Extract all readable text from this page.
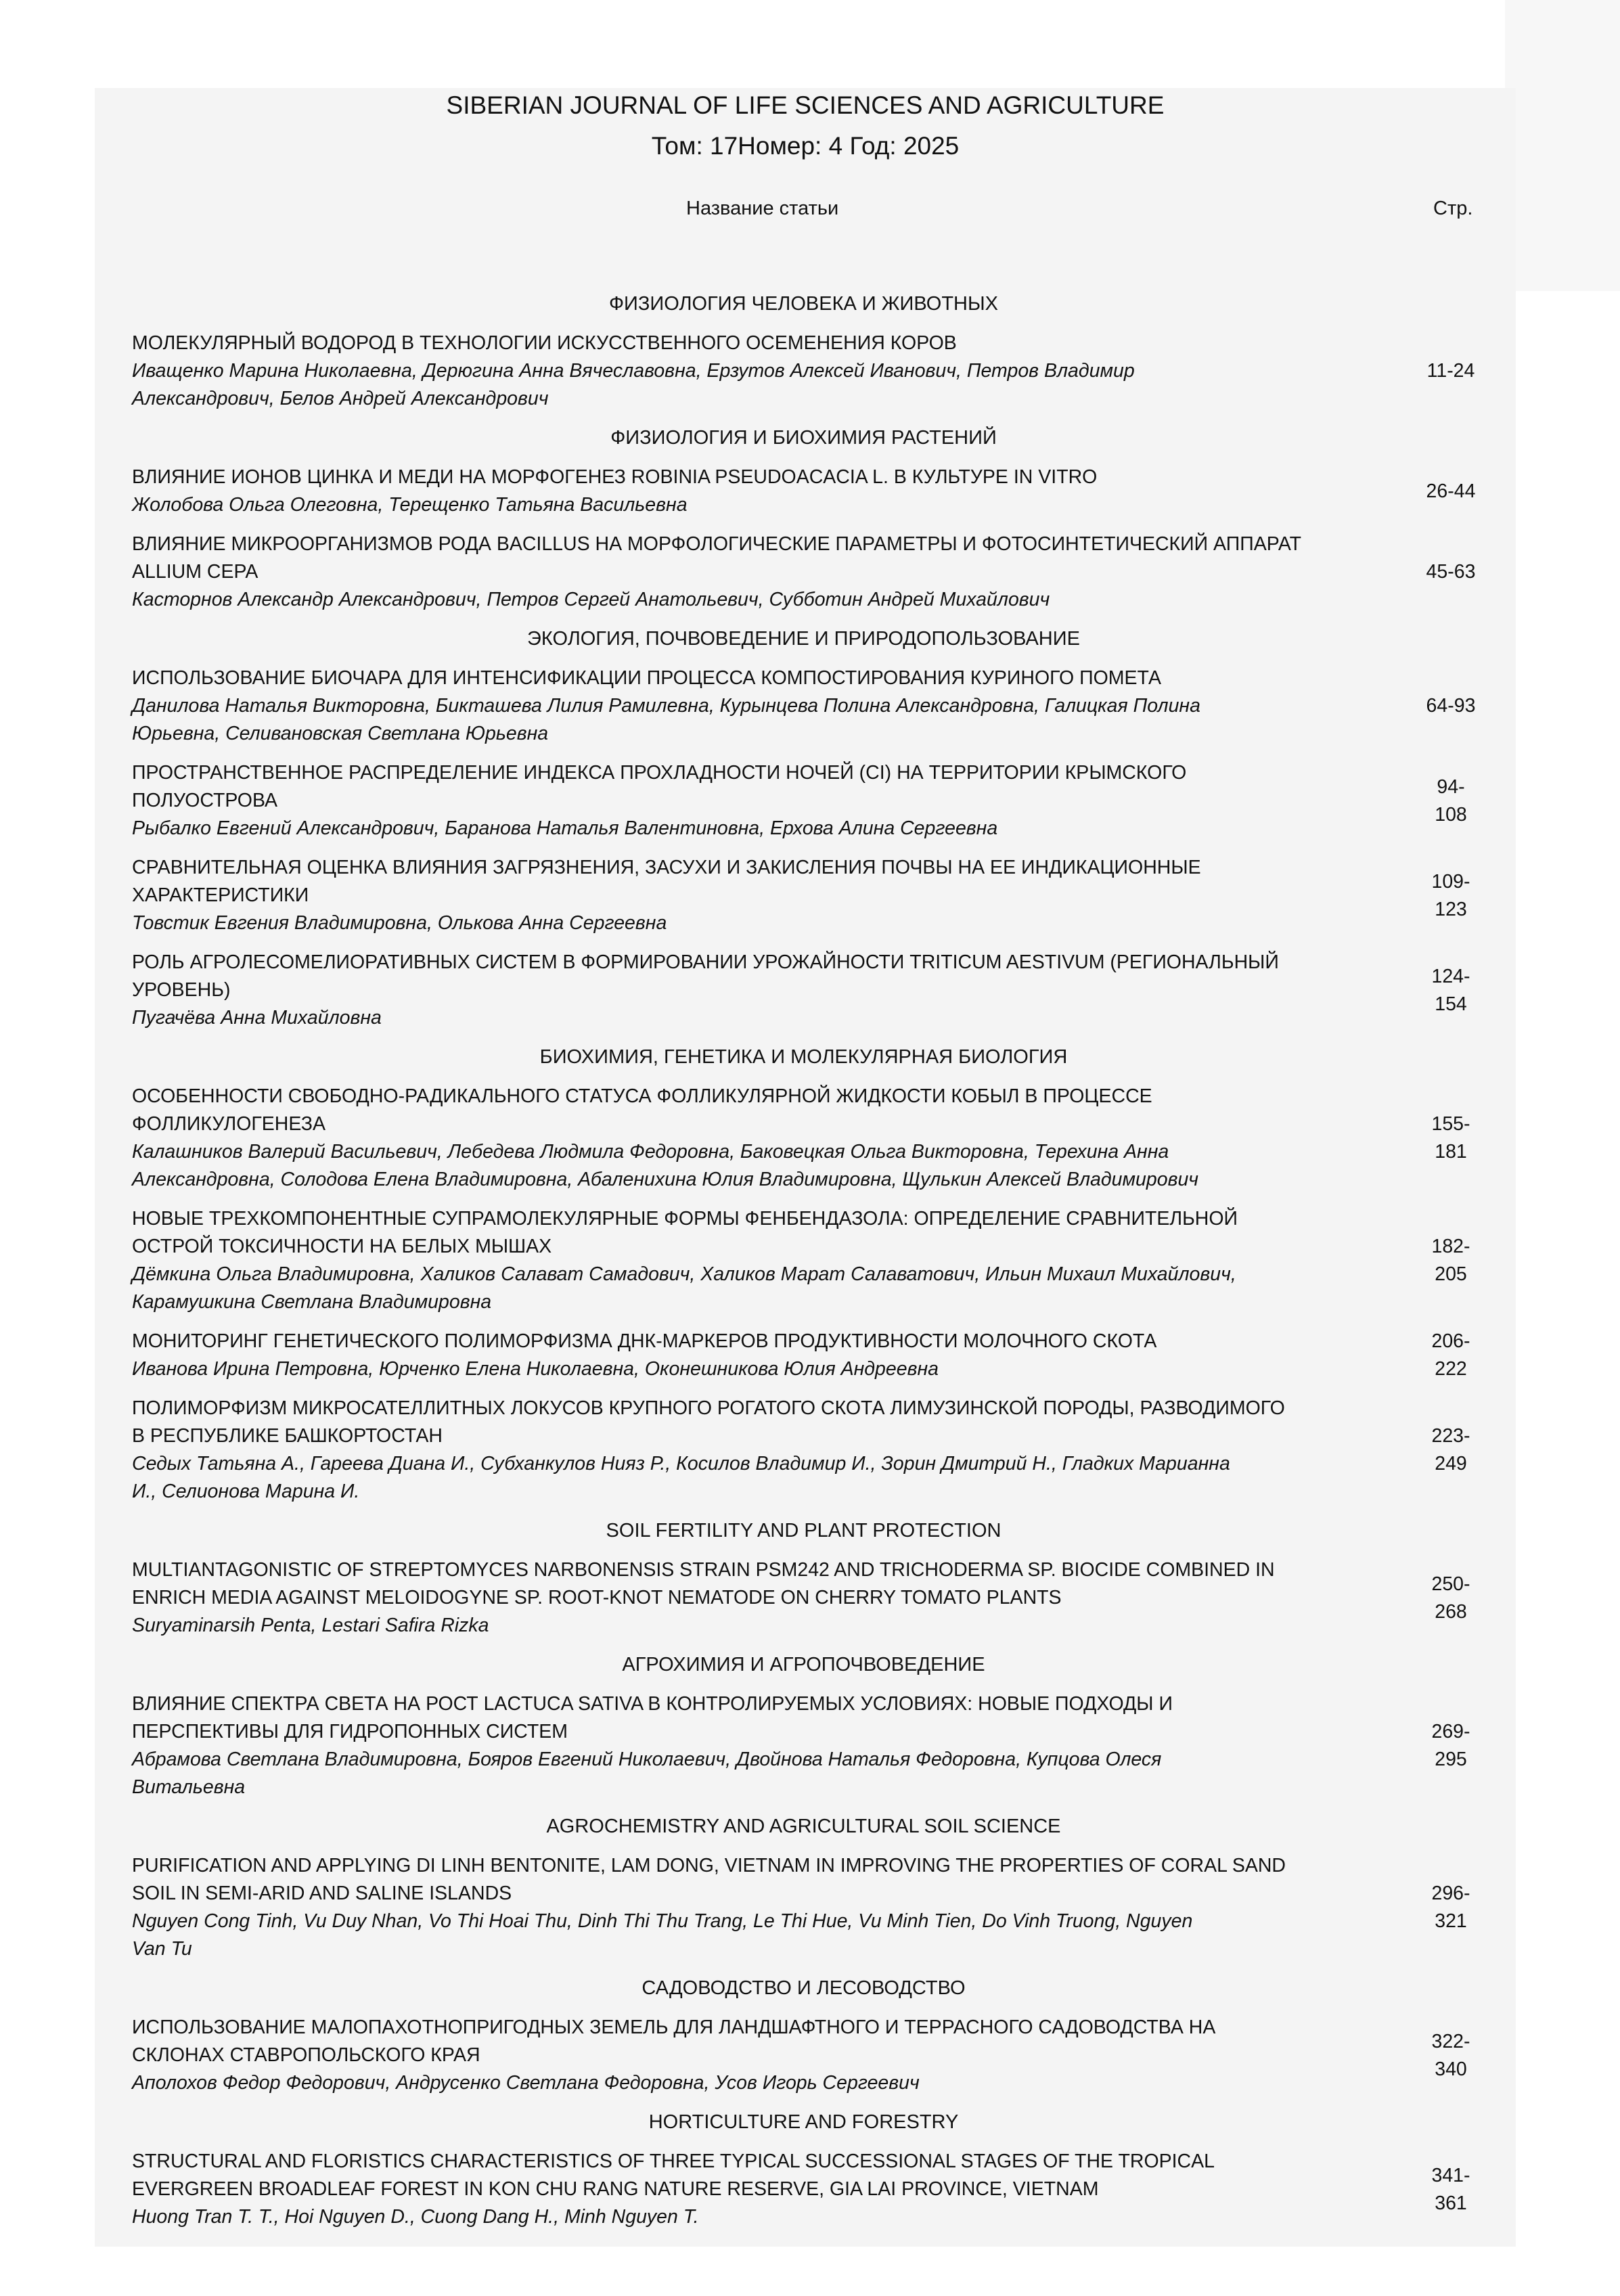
SIBERIAN JOURNAL OF LIFE SCIENCES AND AGRICULTURE
Том: 17Номер: 4 Год: 2025
Название статьи	Стр.
ФИЗИОЛОГИЯ ЧЕЛОВЕКА И ЖИВОТНЫХ
МОЛЕКУЛЯРНЫЙ ВОДОРОД В ТЕХНОЛОГИИ ИСКУССТВЕННОГО ОСЕМЕНЕНИЯ КОРОВ
Иващенко Марина Николаевна, Дерюгина Анна Вячеславовна, Ерзутов Алексей Иванович, Петров Владимир
Александрович, Белов Андрей Александрович
11-24
ФИЗИОЛОГИЯ И БИОХИМИЯ РАСТЕНИЙ
ВЛИЯНИЕ ИОНОВ ЦИНКА И МЕДИ НА МОРФОГЕНЕЗ ROBINIA PSEUDOACACIA L. В КУЛЬТУРЕ IN VITRO
Жолобова Ольга Олеговна, Терещенко Татьяна Васильевна
26-44
ВЛИЯНИЕ МИКРООРГАНИЗМОВ РОДА BACILLUS НА МОРФОЛОГИЧЕСКИЕ ПАРАМЕТРЫ И ФОТОСИНТЕТИЧЕСКИЙ АППАРАТ
ALLIUM CEPA
Касторнов Александр Александрович, Петров Сергей Анатольевич, Субботин Андрей Михайлович
45-63
ЭКОЛОГИЯ, ПОЧВОВЕДЕНИЕ И ПРИРОДОПОЛЬЗОВАНИЕ
ИСПОЛЬЗОВАНИЕ БИОЧАРА ДЛЯ ИНТЕНСИФИКАЦИИ ПРОЦЕССА КОМПОСТИРОВАНИЯ КУРИНОГО ПОМЕТА
Данилова Наталья Викторовна, Бикташева Лилия Рамилевна, Курынцева Полина Александровна, Галицкая Полина
Юрьевна, Селивановская Светлана Юрьевна
64-93
ПРОСТРАНСТВЕННОЕ РАСПРЕДЕЛЕНИЕ ИНДЕКСА ПРОХЛАДНОСТИ НОЧЕЙ (CI) НА ТЕРРИТОРИИ КРЫМСКОГО
ПОЛУОСТРОВА
Рыбалко Евгений Александрович, Баранова Наталья Валентиновна, Ерхова Алина Сергеевна
94-108
СРАВНИТЕЛЬНАЯ ОЦЕНКА ВЛИЯНИЯ ЗАГРЯЗНЕНИЯ, ЗАСУХИ И ЗАКИСЛЕНИЯ ПОЧВЫ НА ЕЕ ИНДИКАЦИОННЫЕ
ХАРАКТЕРИСТИКИ
Товстик Евгения Владимировна, Олькова Анна Сергеевна
109-123
РОЛЬ АГРОЛЕСОМЕЛИОРАТИВНЫХ СИСТЕМ В ФОРМИРОВАНИИ УРОЖАЙНОСТИ TRITICUM AESTIVUM (РЕГИОНАЛЬНЫЙ
УРОВЕНЬ)
Пугачёва Анна Михайловна
124-154
БИОХИМИЯ, ГЕНЕТИКА И МОЛЕКУЛЯРНАЯ БИОЛОГИЯ
ОСОБЕННОСТИ СВОБОДНО-РАДИКАЛЬНОГО СТАТУСА ФОЛЛИКУЛЯРНОЙ ЖИДКОСТИ КОБЫЛ В ПРОЦЕССЕ
ФОЛЛИКУЛОГЕНЕЗА
Калашников Валерий Васильевич, Лебедева Людмила Федоровна, Баковецкая Ольга Викторовна, Терехина Анна
Александровна, Солодова Елена Владимировна, Абаленихина Юлия Владимировна, Щулькин Алексей Владимирович
155-181
НОВЫЕ ТРЕХКОМПОНЕНТНЫЕ СУПРАМОЛЕКУЛЯРНЫЕ ФОРМЫ ФЕНБЕНДАЗОЛА: ОПРЕДЕЛЕНИЕ СРАВНИТЕЛЬНОЙ
ОСТРОЙ ТОКСИЧНОСТИ НА БЕЛЫХ МЫШАХ
Дёмкина Ольга Владимировна, Халиков Салават Самадович, Халиков Марат Салаватович, Ильин Михаил Михайлович,
Карамушкина Светлана Владимировна
182-205
МОНИТОРИНГ ГЕНЕТИЧЕСКОГО ПОЛИМОРФИЗМА ДНК-МАРКЕРОВ ПРОДУКТИВНОСТИ МОЛОЧНОГО СКОТА
Иванова Ирина Петровна, Юрченко Елена Николаевна, Оконешникова Юлия Андреевна
206-222
ПОЛИМОРФИЗМ МИКРОСАТЕЛЛИТНЫХ ЛОКУСОВ КРУПНОГО РОГАТОГО СКОТА ЛИМУЗИНСКОЙ ПОРОДЫ, РАЗВОДИМОГО
В РЕСПУБЛИКЕ БАШКОРТОСТАН
Седых Татьяна А., Гареева Диана И., Субханкулов Нияз Р., Косилов Владимир И., Зорин Дмитрий Н., Гладких Марианна
И., Селионова Марина И.
223-249
SOIL FERTILITY AND PLANT PROTECTION
MULTIANTAGONISTIC OF STREPTOMYCES NARBONENSIS STRAIN PSM242 AND TRICHODERMA SP. BIOCIDE COMBINED IN
ENRICH MEDIA AGAINST MELOIDOGYNE SP. ROOT-KNOT NEMATODE ON CHERRY TOMATO PLANTS
Suryaminarsih Penta, Lestari Safira Rizka
250-268
АГРОХИМИЯ И АГРОПОЧВОВЕДЕНИЕ
ВЛИЯНИЕ СПЕКТРА СВЕТА НА РОСТ LACTUCA SATIVA В КОНТРОЛИРУЕМЫХ УСЛОВИЯХ: НОВЫЕ ПОДХОДЫ И
ПЕРСПЕКТИВЫ ДЛЯ ГИДРОПОННЫХ СИСТЕМ
Абрамова Светлана Владимировна, Бояров Евгений Николаевич, Двойнова Наталья Федоровна, Купцова Олеся
Витальевна
269-295
AGROCHEMISTRY AND AGRICULTURAL SOIL SCIENCE
PURIFICATION AND APPLYING DI LINH BENTONITE, LAM DONG, VIETNAM IN IMPROVING THE PROPERTIES OF CORAL SAND
SOIL IN SEMI-ARID AND SALINE ISLANDS
Nguyen Cong Tinh, Vu Duy Nhan, Vo Thi Hoai Thu, Dinh Thi Thu Trang, Le Thi Hue, Vu Minh Tien, Do Vinh Truong, Nguyen
Van Tu
296-321
САДОВОДСТВО И ЛЕСОВОДСТВО
ИСПОЛЬЗОВАНИЕ МАЛОПАХОТНОПРИГОДНЫХ ЗЕМЕЛЬ ДЛЯ ЛАНДШАФТНОГО И ТЕРРАСНОГО САДОВОДСТВА НА
СКЛОНАХ СТАВРОПОЛЬСКОГО КРАЯ
Аполохов Федор Федорович, Андрусенко Светлана Федоровна, Усов Игорь Сергеевич
322-340
HORTICULTURE AND FORESTRY
STRUCTURAL AND FLORISTICS CHARACTERISTICS OF THREE TYPICAL SUCCESSIONAL STAGES OF THE TROPICAL
EVERGREEN BROADLEAF FOREST IN KON CHU RANG NATURE RESERVE, GIA LAI PROVINCE, VIETNAM
Huong Tran T. T., Hoi Nguyen D., Cuong Dang H., Minh Nguyen T.
341-361
